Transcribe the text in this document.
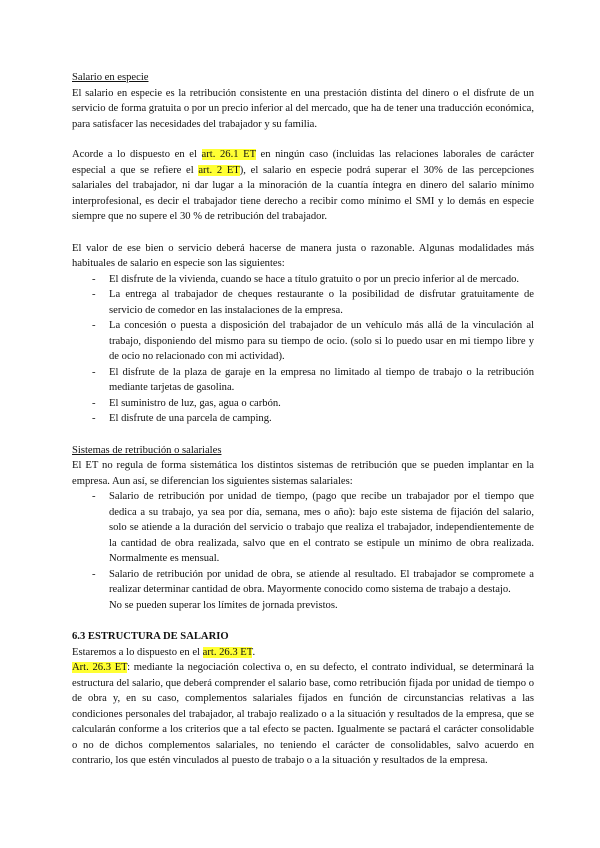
Salario en especie

El salario en especie es la retribución consistente en una prestación distinta del dinero o el disfrute de un servicio de forma gratuita o por un precio inferior al del mercado, que ha de tener una traducción económica, para satisfacer las necesidades del trabajador y su familia.

Acorde a lo dispuesto en el art. 26.1 ET en ningún caso (incluidas las relaciones laborales de carácter especial a que se refiere el art. 2 ET), el salario en especie podrá superar el 30% de las percepciones salariales del trabajador, ni dar lugar a la minoración de la cuantía íntegra en dinero del salario mínimo interprofesional, es decir el trabajador tiene derecho a recibir como mínimo el SMI y lo demás en especie siempre que no supere el 30 % de retribución del trabajador.

El valor de ese bien o servicio deberá hacerse de manera justa o razonable. Algunas modalidades más habituales de salario en especie son las siguientes:

- El disfrute de la vivienda, cuando se hace a título gratuito o por un precio inferior al de mercado.
- La entrega al trabajador de cheques restaurante o la posibilidad de disfrutar gratuitamente de servicio de comedor en las instalaciones de la empresa.
- La concesión o puesta a disposición del trabajador de un vehículo más allá de la vinculación al trabajo, disponiendo del mismo para su tiempo de ocio. (solo si lo puedo usar en mi tiempo libre y de ocio no relacionado con mi actividad).
- El disfrute de la plaza de garaje en la empresa no limitado al tiempo de trabajo o la retribución mediante tarjetas de gasolina.
- El suministro de luz, gas, agua o carbón.
- El disfrute de una parcela de camping.
Sistemas de retribución o salariales

El ET no regula de forma sistemática los distintos sistemas de retribución que se pueden implantar en la empresa. Aun así, se diferencian los siguientes sistemas salariales:

- Salario de retribución por unidad de tiempo, (pago que recibe un trabajador por el tiempo que dedica a su trabajo, ya sea por día, semana, mes o año): bajo este sistema de fijación del salario, solo se atiende a la duración del servicio o trabajo que realiza el trabajador, independientemente de la cantidad de obra realizada, salvo que en el contrato se estipule un mínimo de obra realizada. Normalmente es mensual.
- Salario de retribución por unidad de obra, se atiende al resultado. El trabajador se compromete a realizar determinar cantidad de obra. Mayormente conocido como sistema de trabajo a destajo.
No se pueden superar los límites de jornada previstos.
6.3 ESTRUCTURA DE SALARIO

Estaremos a lo dispuesto en el art. 26.3 ET.

Art. 26.3 ET: mediante la negociación colectiva o, en su defecto, el contrato individual, se determinará la estructura del salario, que deberá comprender el salario base, como retribución fijada por unidad de tiempo o de obra y, en su caso, complementos salariales fijados en función de circunstancias relativas a las condiciones personales del trabajador, al trabajo realizado o a la situación y resultados de la empresa, que se calcularán conforme a los criterios que a tal efecto se pacten. Igualmente se pactará el carácter consolidable o no de dichos complementos salariales, no teniendo el carácter de consolidables, salvo acuerdo en contrario, los que estén vinculados al puesto de trabajo o a la situación y resultados de la empresa.
